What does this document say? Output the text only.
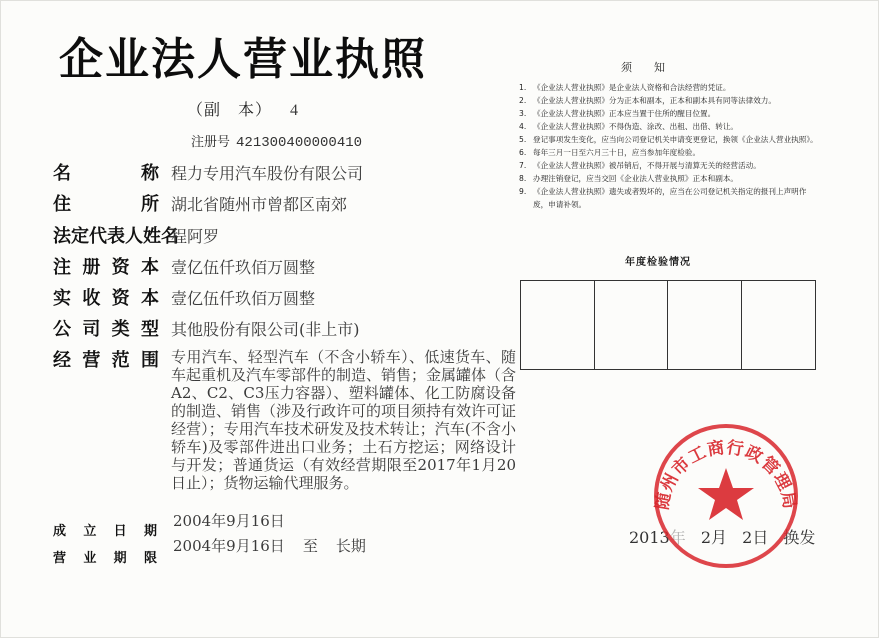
企业法人营业执照
（副　本） 4
注册号 421300400000410
名	称 程力专用汽车股份有限公司
住	所 湖北省随州市曾都区南郊
法定代表人姓名
程阿罗
注 册 资 本 壹亿伍仟玖佰万圆整
实 收 资 本 壹亿伍仟玖佰万圆整
公 司 类 型 其他股份有限公司(非上市)
经 营 范 围 专用汽车、轻型汽车（不含小轿车）、低速货车、随车起重机及汽车零部件的制造、销售；金属罐体（含A2、C2、C3压力容器）、塑料罐体、化工防腐设备的制造、销售（涉及行政许可的项目须持有效许可证经营）；专用汽车技术研发及技术转让；汽车(不含小轿车)及零部件进出口业务；土石方挖运；网络设计与开发；普通货运（有效经营期限至2017年1月20日止）；货物运输代理服务。
成 立 日 期
2004年9月16日
营 业 期 限
2004年9月16日 至 长期
须知
1. 《企业法人营业执照》是企业法人资格和合法经营的凭证。
2. 《企业法人营业执照》分为正本和副本，正本和副本具有同等法律效力。
3. 《企业法人营业执照》正本应当置于住所的醒目位置。
4. 《企业法人营业执照》不得伪造、涂改、出租、出借、转让。
5. 登记事项发生变化，应当向公司登记机关申请变更登记，换领《企业法人营业执照》。
6. 每年三月一日至六月三十日，应当参加年度检验。
7. 《企业法人营业执照》被吊销后，不得开展与清算无关的经营活动。
8. 办理注销登记，应当交回《企业法人营业执照》正本和副本。
9. 《企业法人营业执照》遗失或者毁坏的，应当在公司登记机关指定的报刊上声明作废，申请补领。
年度检验情况
2013年 2月 2日 换发
随州市工商行政管理局
